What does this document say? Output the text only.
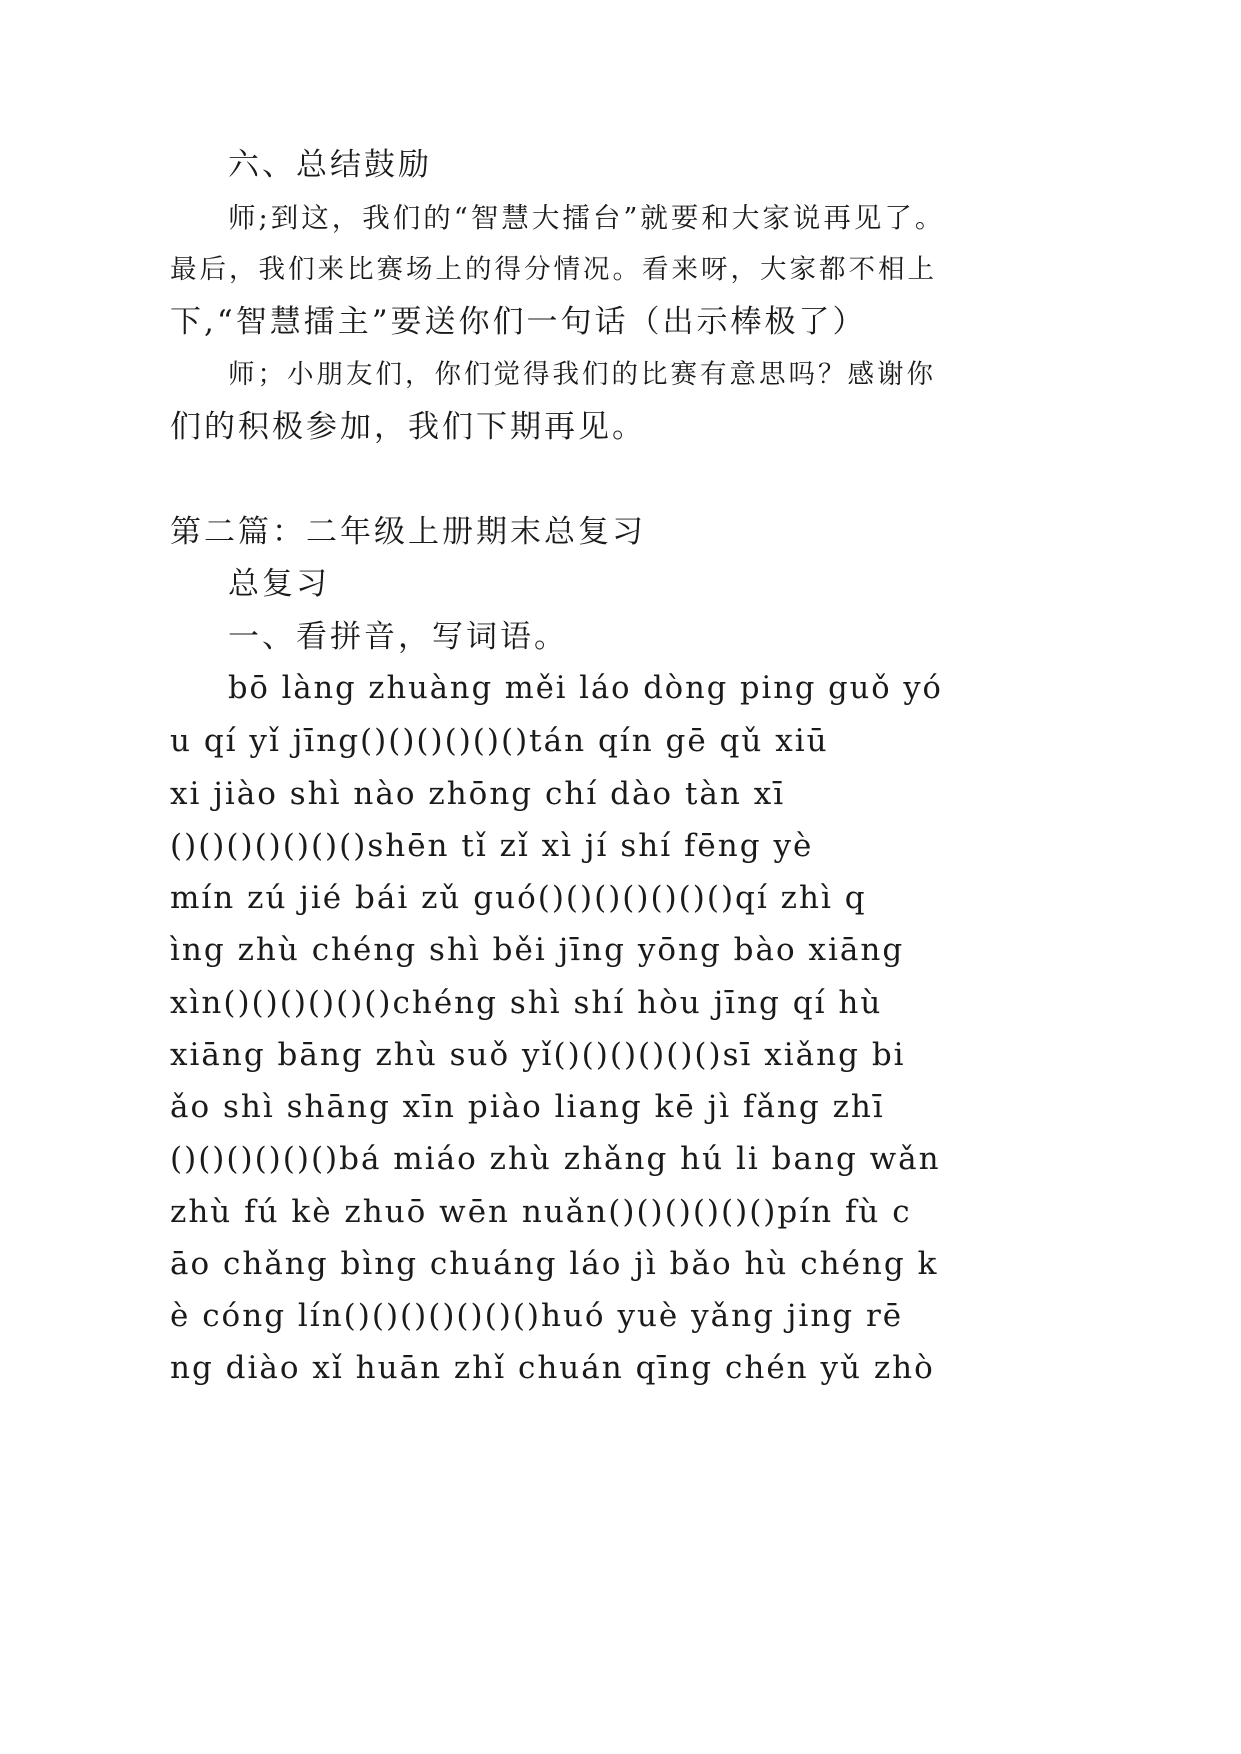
六、总结鼓励
师;到这，我们的“智慧大擂台”就要和大家说再见了。
最后，我们来比赛场上的得分情况。看来呀，大家都不相上
下,“智慧擂主”要送你们一句话（出示棒极了）
师；小朋友们，你们觉得我们的比赛有意思吗？感谢你
们的积极参加，我们下期再见。
第二篇：二年级上册期末总复习
总复习
一、看拼音，写词语。
bō làng zhuàng měi láo dòng ping guǒ yó
u qí yǐ jīng()()()()()()tán qín gē qǔ xiū
xi jiào shì nào zhōng chí dào tàn xī
()()()()()()()shēn tǐ zǐ xì jí shí fēng yè
mín zú jié bái zǔ guó()()()()()()()qí zhì q
ìng zhù chéng shì běi jīng yōng bào xiāng
xìn()()()()()()chéng shì shí hòu jīng qí hù
xiāng bāng zhù suǒ yǐ()()()()()()sī xiǎng bi
ǎo shì shāng xīn piào liang kē jì fǎng zhī
()()()()()()bá miáo zhù zhǎng hú li bang wǎn
zhù fú kè zhuō wēn nuǎn()()()()()()pín fù c
āo chǎng bìng chuáng láo jì bǎo hù chéng k
è cóng lín()()()()()()()huó yuè yǎng jing rē
ng diào xǐ huān zhǐ chuán qīng chén yǔ zhò
